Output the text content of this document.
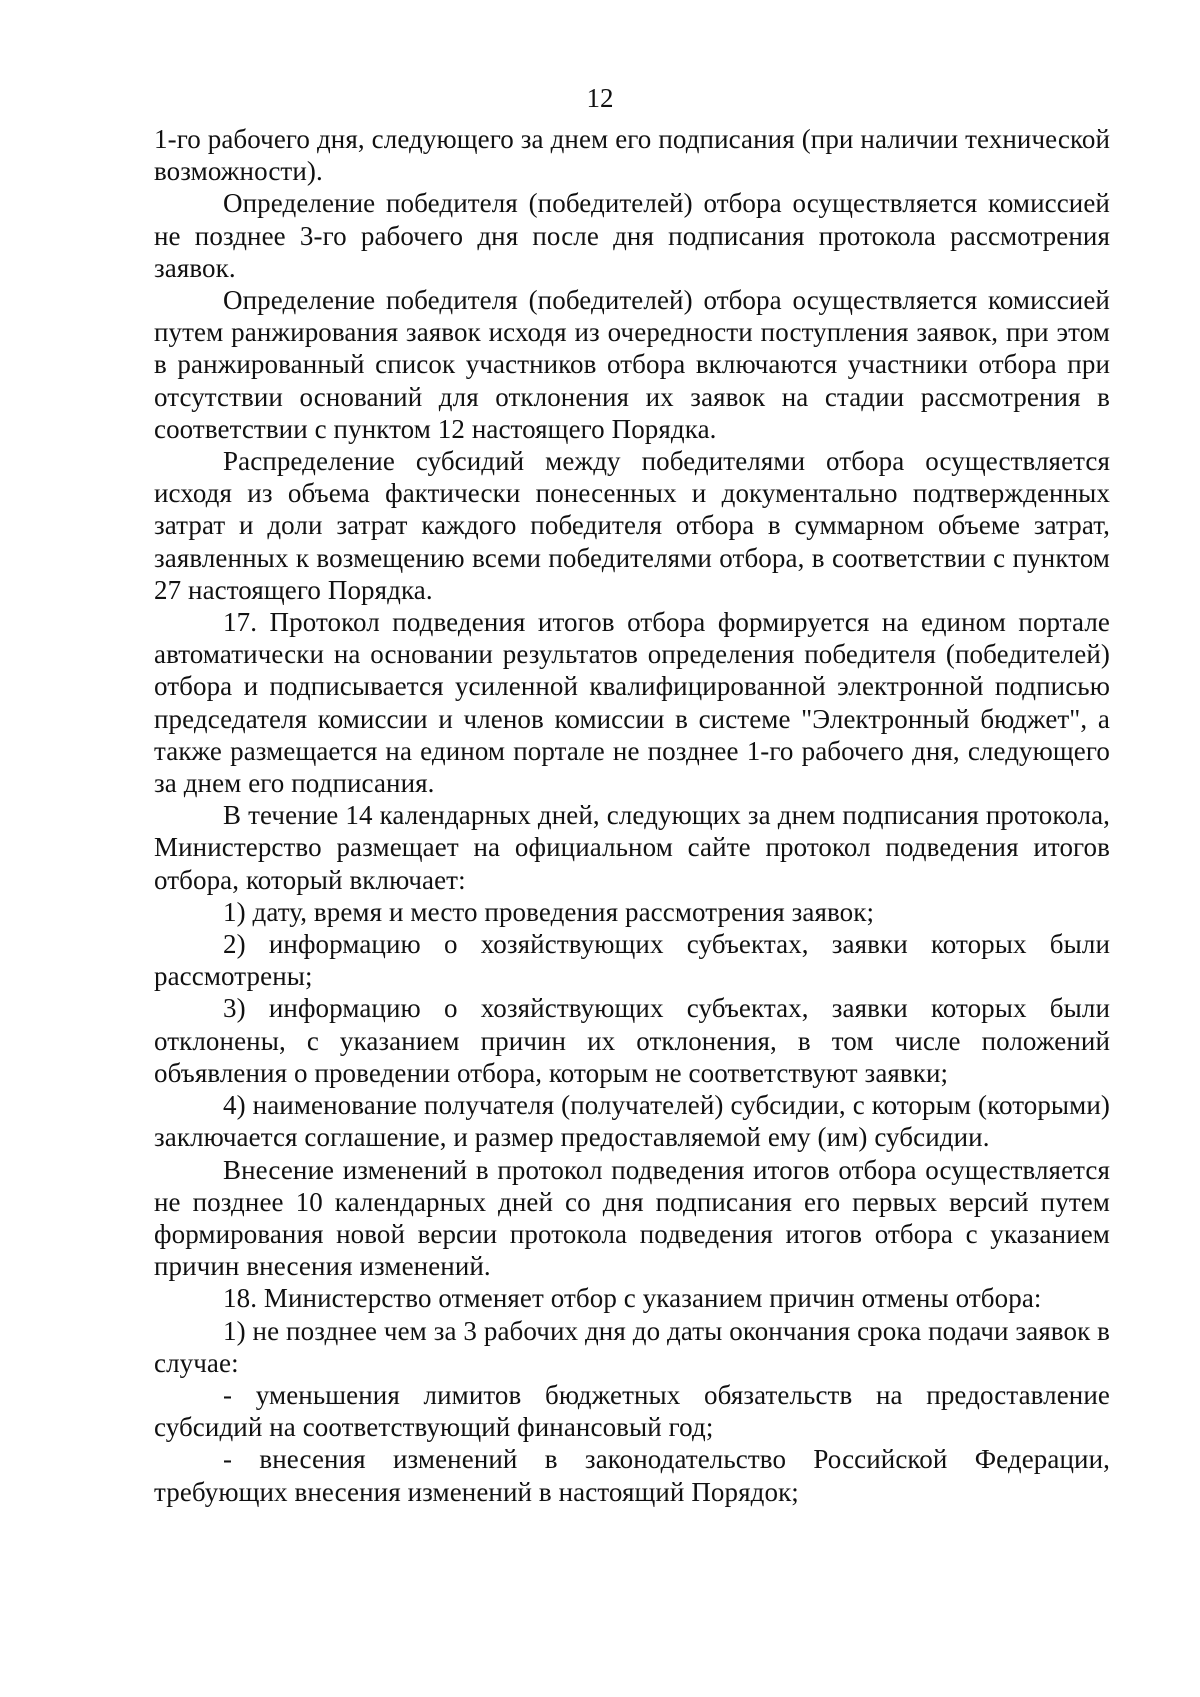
12

1-го рабочего дня, следующего за днем его подписания (при наличии технической возможности).

Определение победителя (победителей) отбора осуществляется комиссией не позднее 3-го рабочего дня после дня подписания протокола рассмотрения заявок.

Определение победителя (победителей) отбора осуществляется комиссией путем ранжирования заявок исходя из очередности поступления заявок, при этом в ранжированный список участников отбора включаются участники отбора при отсутствии оснований для отклонения их заявок на стадии рассмотрения в соответствии с пунктом 12 настоящего Порядка.

Распределение субсидий между победителями отбора осуществляется исходя из объема фактически понесенных и документально подтвержденных затрат и доли затрат каждого победителя отбора в суммарном объеме затрат, заявленных к возмещению всеми победителями отбора, в соответствии с пунктом 27 настоящего Порядка.

17. Протокол подведения итогов отбора формируется на едином портале автоматически на основании результатов определения победителя (победителей) отбора и подписывается усиленной квалифицированной электронной подписью председателя комиссии и членов комиссии в системе "Электронный бюджет", а также размещается на едином портале не позднее 1-го рабочего дня, следующего за днем его подписания.

В течение 14 календарных дней, следующих за днем подписания протокола, Министерство размещает на официальном сайте протокол подведения итогов отбора, который включает:

1) дату, время и место проведения рассмотрения заявок;

2) информацию о хозяйствующих субъектах, заявки которых были рассмотрены;

3) информацию о хозяйствующих субъектах, заявки которых были отклонены, с указанием причин их отклонения, в том числе положений объявления о проведении отбора, которым не соответствуют заявки;

4) наименование получателя (получателей) субсидии, с которым (которыми) заключается соглашение, и размер предоставляемой ему (им) субсидии.

Внесение изменений в протокол подведения итогов отбора осуществляется не позднее 10 календарных дней со дня подписания его первых версий путем формирования новой версии протокола подведения итогов отбора с указанием причин внесения изменений.

18. Министерство отменяет отбор с указанием причин отмены отбора:

1) не позднее чем за 3 рабочих дня до даты окончания срока подачи заявок в случае:

- уменьшения лимитов бюджетных обязательств на предоставление субсидий на соответствующий финансовый год;

- внесения изменений в законодательство Российской Федерации, требующих внесения изменений в настоящий Порядок;
